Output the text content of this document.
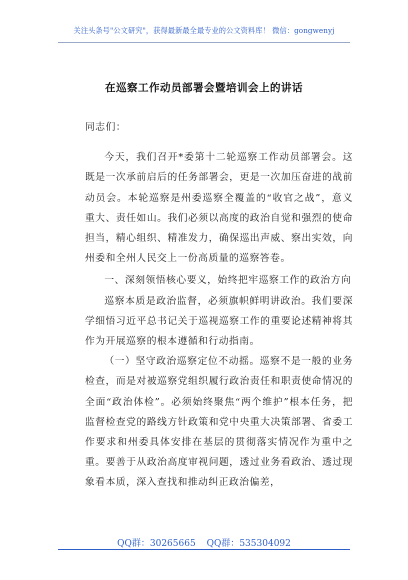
关注头条号"公文研究"，获得最新最全最专业的公文资料库！ 微信：gongwenyj
在巡察工作动员部署会暨培训会上的讲话

同志们：

今天，我们召开*委第十二轮巡察工作动员部署会。这既是一次承前启后的任务部署会，更是一次加压奋进的战前动员会。本轮巡察是州委巡察全覆盖的“收官之战”，意义重大、责任如山。我们必须以高度的政治自觉和强烈的使命担当，精心组织、精准发力，确保巡出声威、察出实效，向州委和全州人民交上一份高质量的巡察答卷。

一、深刻领悟核心要义，始终把牢巡察工作的政治方向

巡察本质是政治监督，必须旗帜鲜明讲政治。我们要深学细悟习近平总书记关于巡视巡察工作的重要论述精神将其作为开展巡察的根本遵循和行动指南。

（一）坚守政治巡察定位不动摇。巡察不是一般的业务检查，而是对被巡察党组织履行政治责任和职责使命情况的全面“政治体检”。必须始终聚焦“两个维护”根本任务，把监督检查党的路线方针政策和党中央重大决策部署、省委工作要求和州委具体安排在基层的贯彻落实情况作为重中之重。要善于从政治高度审视问题，透过业务看政治、透过现象看本质，深入查找和推动纠正政治偏差，

QQ群：30265665 QQ群：535304092
